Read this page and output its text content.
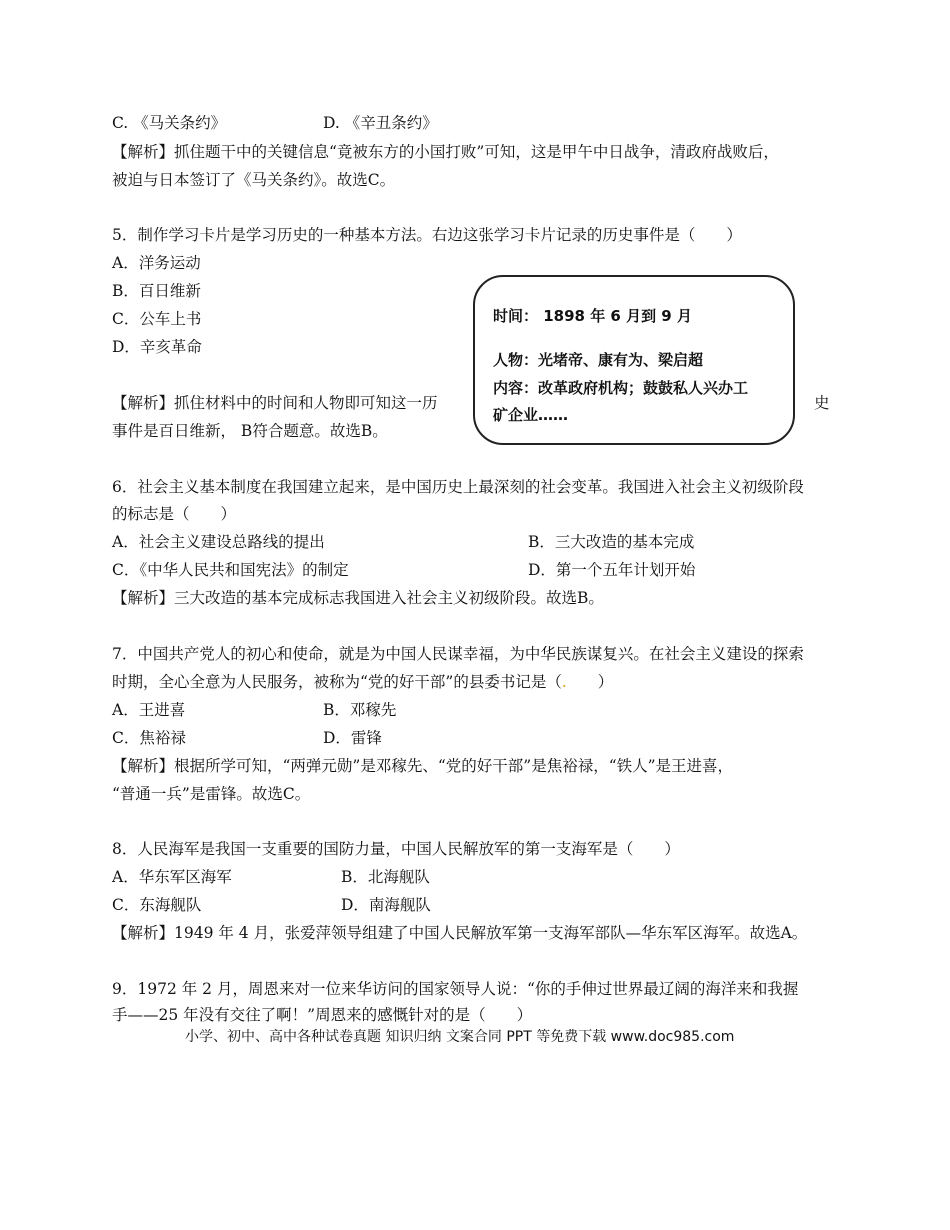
C. 《马关条约》	D. 《辛丑条约》
【解析】抓住题干中的关键信息“竟被东方的小国打败”可知，这是甲午中日战争，清政府战败后，
被迫与日本签订了《马关条约》。故选C。
5．制作学习卡片是学习历史的一种基本方法。右边这张学习卡片记录的历史事件是（　　）
A．洋务运动
B．百日维新
C．公车上书
D．辛亥革命
【解析】抓住材料中的时间和人物即可知这一历	史
事件是百日维新， B符合题意。故选B。
时间： 1898 年 6 月到 9 月
人物：光堵帝、康有为、梁启超
内容：改革政府机构；鼓鼓私人兴办工
矿企业……
6．社会主义基本制度在我国建立起来，是中国历史上最深刻的社会变革。我国进入社会主义初级阶段
的标志是（　　）
A．社会主义建设总路线的提出	B．三大改造的基本完成
C．《中华人民共和国宪法》的制定	D．第一个五年计划开始
【解析】三大改造的基本完成标志我国进入社会主义初级阶段。故选B。
7．中国共产党人的初心和使命，就是为中国人民谋幸福，为中华民族谋复兴。在社会主义建设的探索
时期，全心全意为人民服务，被称为“党的好干部”的县委书记是（.　　）
A．王进喜	B．邓稼先
C．焦裕禄	D．雷锋
【解析】根据所学可知，“两弹元勋”是邓稼先、“党的好干部”是焦裕禄，“铁人”是王进喜，
“普通一兵”是雷锋。故选C。
8．人民海军是我国一支重要的国防力量，中国人民解放军的第一支海军是（　　）
A．华东军区海军	B．北海舰队
C．东海舰队	D．南海舰队
【解析】1949 年 4 月，张爱萍领导组建了中国人民解放军第一支海军部队—华东军区海军。故选A。
9．1972 年 2 月，周恩来对一位来华访问的国家领导人说：“你的手伸过世界最辽阔的海洋来和我握
手——25 年没有交往了啊！”周恩来的感慨针对的是（　　）
小学、初中、高中各种试卷真题 知识归纳 文案合同 PPT 等免费下载 www.doc985.com
